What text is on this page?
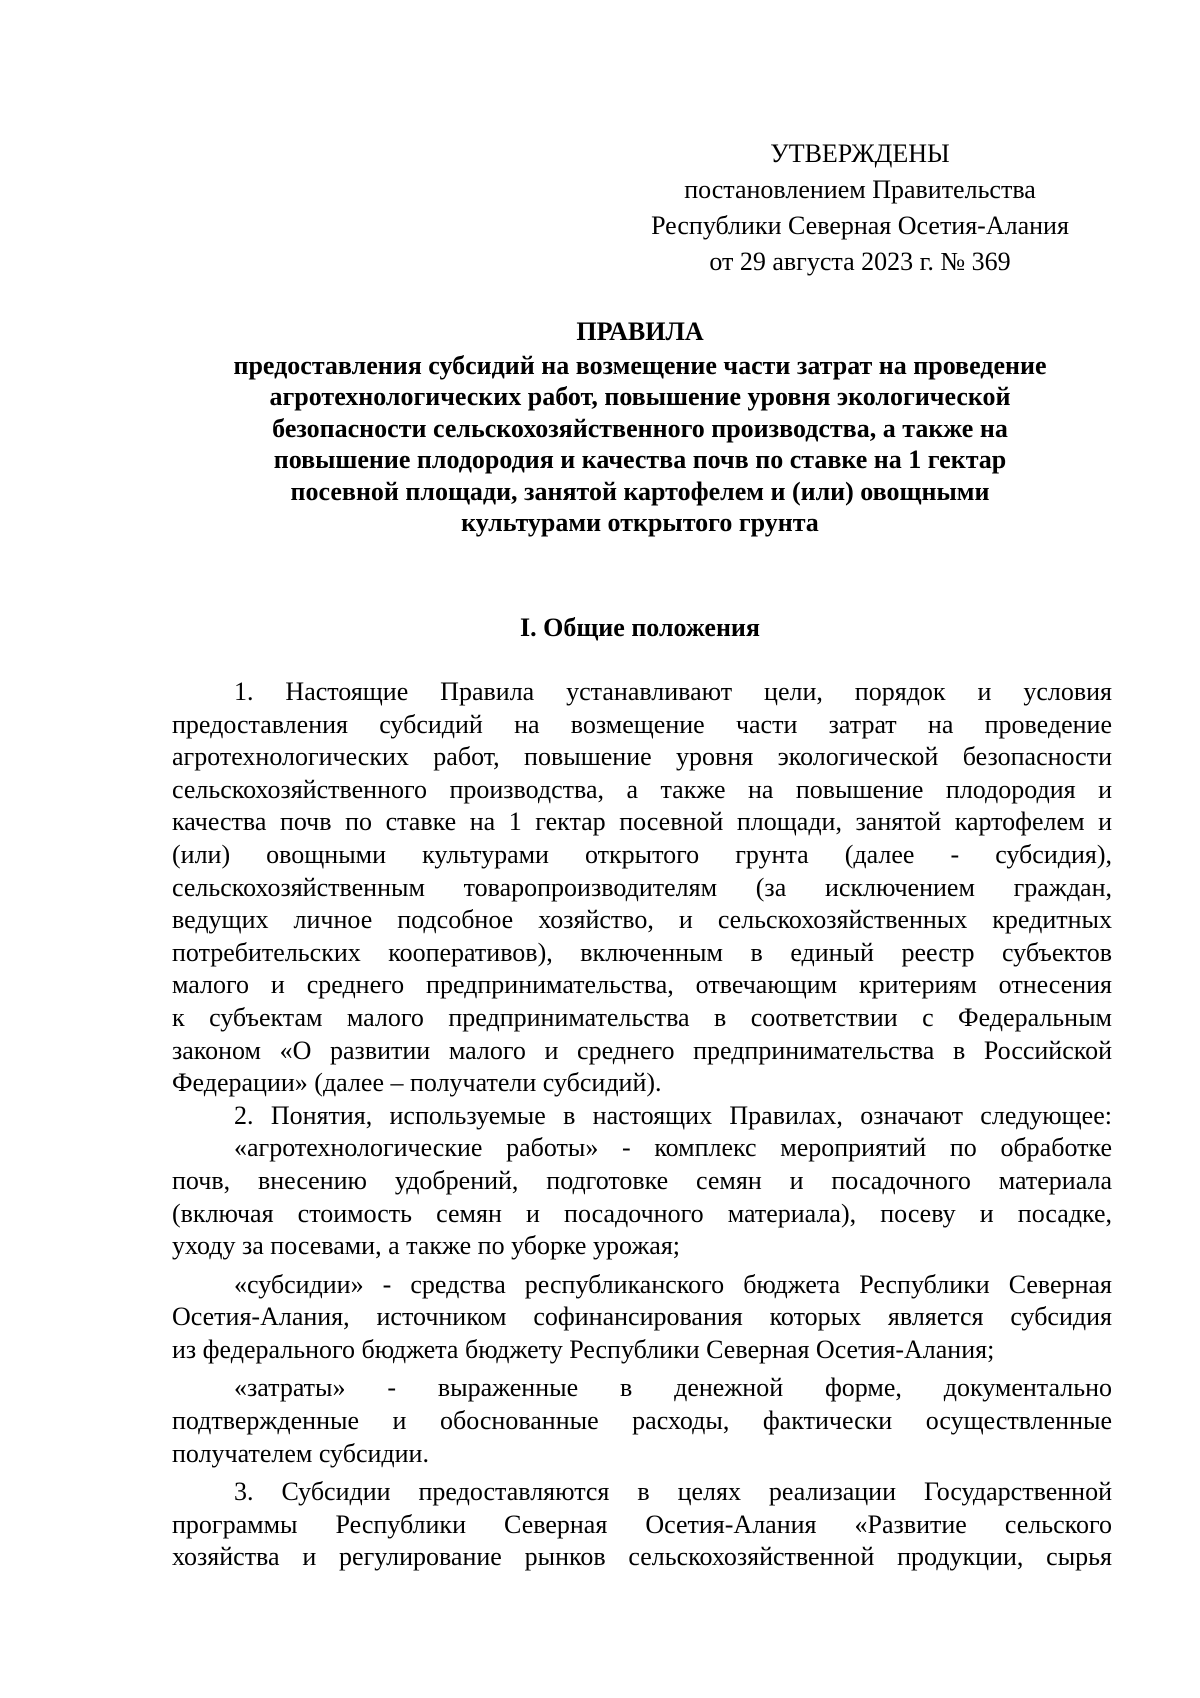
УТВЕРЖДЕНЫ
постановлением Правительства
Республики Северная Осетия-Алания
от 29 августа 2023 г. № 369
ПРАВИЛА
предоставления субсидий на возмещение части затрат на проведение
агротехнологических работ, повышение уровня экологической
безопасности сельскохозяйственного производства, а также на
повышение плодородия и качества почв по ставке на 1 гектар
посевной площади, занятой картофелем и (или) овощными
культурами открытого грунта
I. Общие положения
1. Настоящие Правила устанавливают цели, порядок и условия
предоставления субсидий на возмещение части затрат на проведение
агротехнологических работ, повышение уровня экологической безопасности
сельскохозяйственного производства, а также на повышение плодородия и
качества почв по ставке на 1 гектар посевной площади, занятой картофелем и
(или) овощными культурами открытого грунта (далее - субсидия),
сельскохозяйственным товаропроизводителям (за исключением граждан,
ведущих личное подсобное хозяйство, и сельскохозяйственных кредитных
потребительских кооперативов), включенным в единый реестр субъектов
малого и среднего предпринимательства, отвечающим критериям отнесения
к субъектам малого предпринимательства в соответствии с Федеральным
законом «О развитии малого и среднего предпринимательства в Российской
Федерации» (далее – получатели субсидий).
2. Понятия, используемые в настоящих Правилах, означают следующее:
«агротехнологические работы» - комплекс мероприятий по обработке
почв, внесению удобрений, подготовке семян и посадочного материала
(включая стоимость семян и посадочного материала), посеву и посадке,
уходу за посевами, а также по уборке урожая;
«субсидии» - средства республиканского бюджета Республики Северная
Осетия-Алания, источником софинансирования которых является субсидия
из федерального бюджета бюджету Республики Северная Осетия-Алания;
«затраты» - выраженные в денежной форме, документально
подтвержденные и обоснованные расходы, фактически осуществленные
получателем субсидии.
3. Субсидии предоставляются в целях реализации Государственной
программы Республики Северная Осетия-Алания «Развитие сельского
хозяйства и регулирование рынков сельскохозяйственной продукции, сырья
